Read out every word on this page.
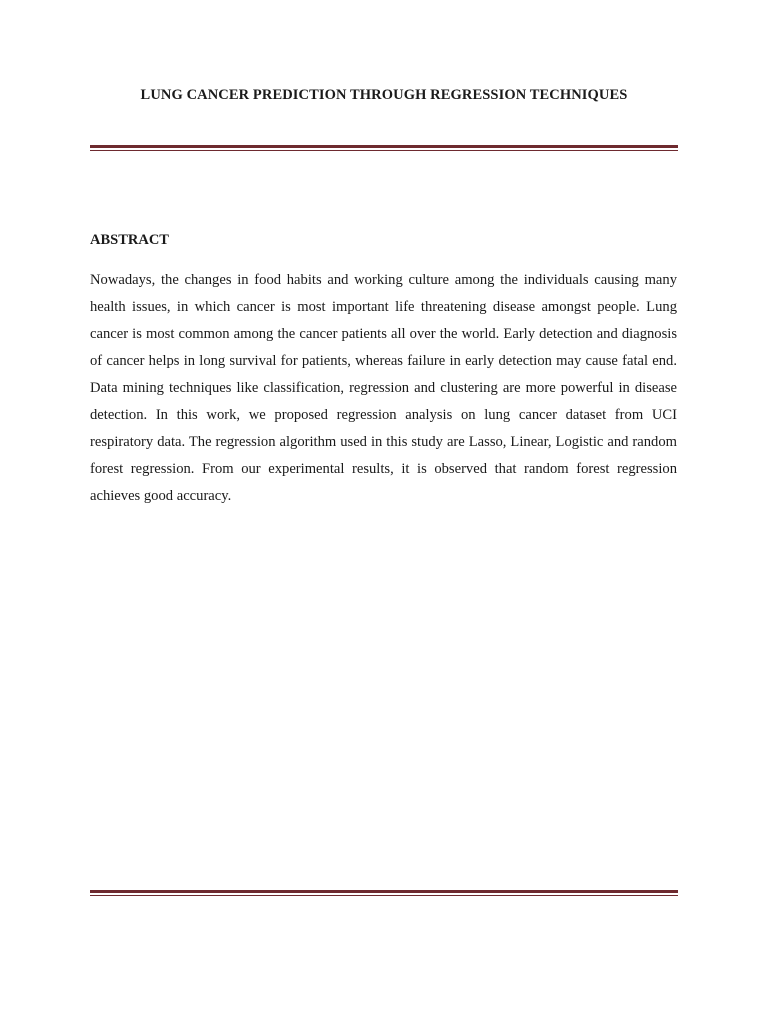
LUNG CANCER PREDICTION THROUGH REGRESSION TECHNIQUES
ABSTRACT
Nowadays, the changes in food habits and working culture among the individuals causing many health issues, in which cancer is most important life threatening disease amongst people. Lung cancer is most common among the cancer patients all over the world. Early detection and diagnosis of cancer helps in long survival for patients, whereas failure in early detection may cause fatal end. Data mining techniques like classification, regression and clustering are more powerful in disease detection. In this work, we proposed regression analysis on lung cancer dataset from UCI respiratory data. The regression algorithm used in this study are Lasso, Linear, Logistic and random forest regression. From our experimental results, it is observed that random forest regression achieves good accuracy.
